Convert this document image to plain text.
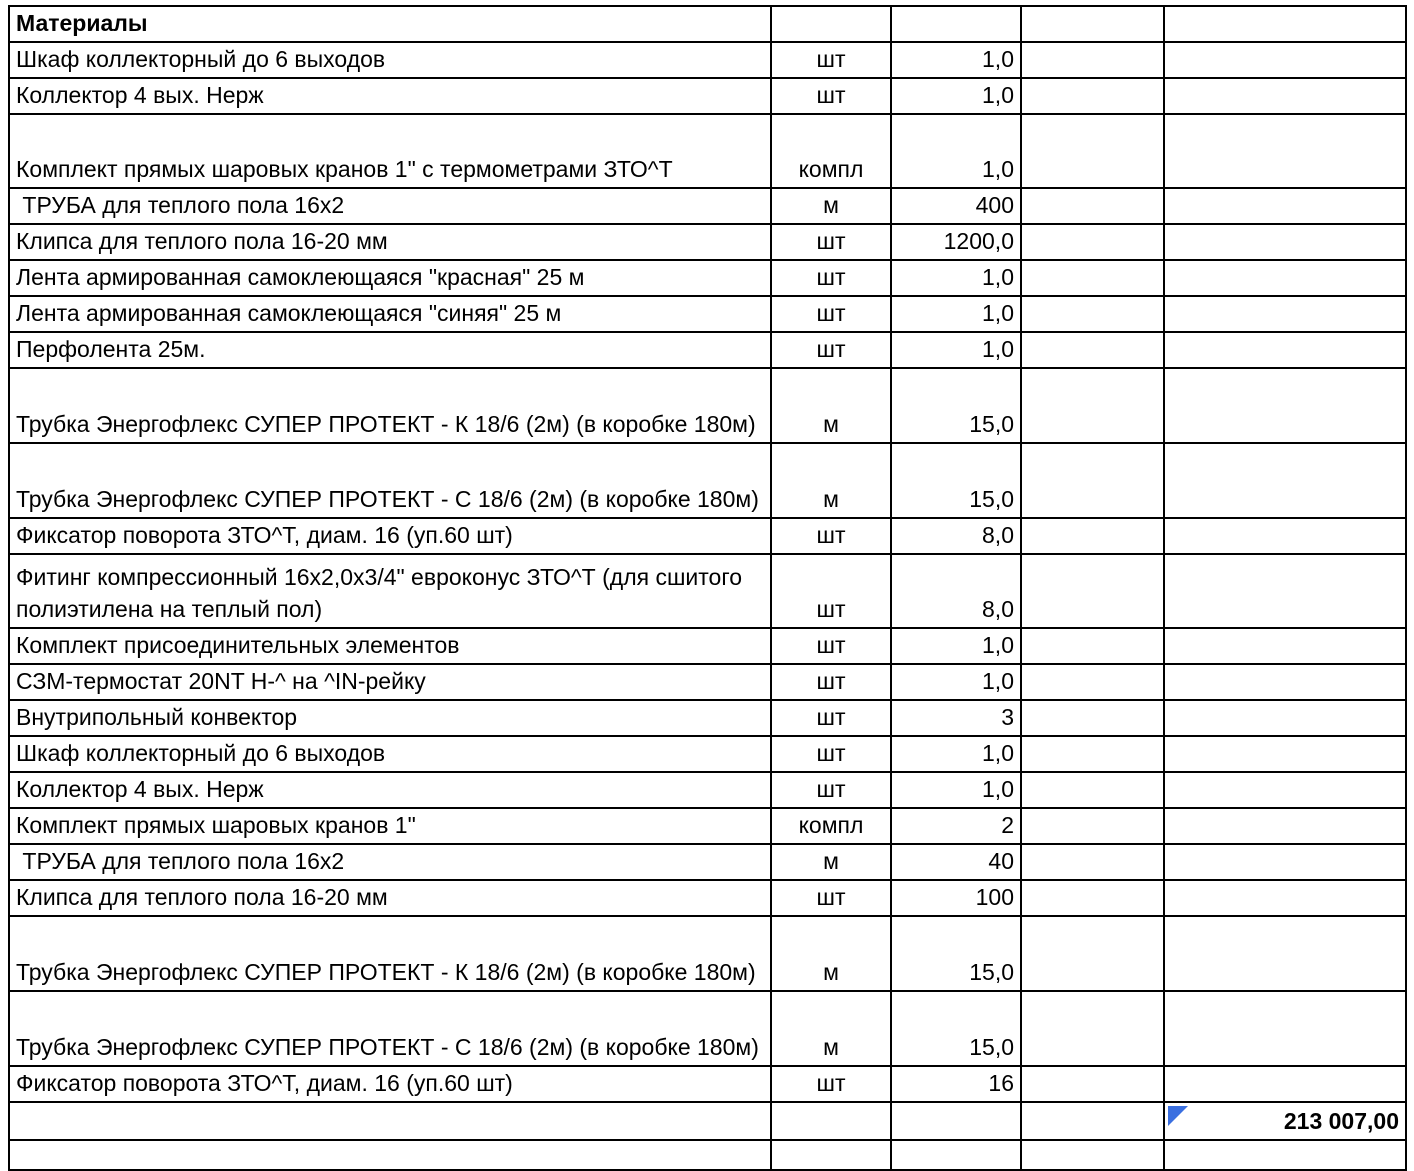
Материалы				
Шкаф коллекторный до 6 выходов	шт	1,0		
Коллектор 4 вых. Нерж	шт	1,0		
Комплект прямых шаровых кранов 1" с термометрами ЗТО^Т	компл	1,0		
ТРУБА для теплого пола 16х2	м	400		
Клипса для теплого пола 16-20 мм	шт	1200,0		
Лента армированная самоклеющаяся "красная" 25 м	шт	1,0		
Лента армированная самоклеющаяся "синяя" 25 м	шт	1,0		
Перфолента 25м.	шт	1,0		
Трубка Энергофлекс СУПЕР ПРОТЕКТ - К 18/6 (2м) (в коробке 180м)	м	15,0		
Трубка Энергофлекс СУПЕР ПРОТЕКТ - С 18/6 (2м) (в коробке 180м)	м	15,0		
Фиксатор поворота ЗТО^Т, диам. 16 (уп.60 шт)	шт	8,0		
Фитинг компрессионный 16х2,0х3/4" евроконус ЗТО^Т (для сшитого полиэтилена на теплый пол)	шт	8,0		
Комплект присоединительных элементов	шт	1,0		
СЗМ-термостат 20NT Н-^ на ^IN-рейку	шт	1,0		
Внутрипольный конвектор	шт	3		
Шкаф коллекторный до 6 выходов	шт	1,0		
Коллектор 4 вых. Нерж	шт	1,0		
Комплект прямых шаровых кранов 1"	компл	2		
ТРУБА для теплого пола 16х2	м	40		
Клипса для теплого пола 16-20 мм	шт	100		
Трубка Энергофлекс СУПЕР ПРОТЕКТ - К 18/6 (2м) (в коробке 180м)	м	15,0		
Трубка Энергофлекс СУПЕР ПРОТЕКТ - С 18/6 (2м) (в коробке 180м)	м	15,0		
Фиксатор поворота ЗТО^Т, диам. 16 (уп.60 шт)	шт	16		

213 007,00
